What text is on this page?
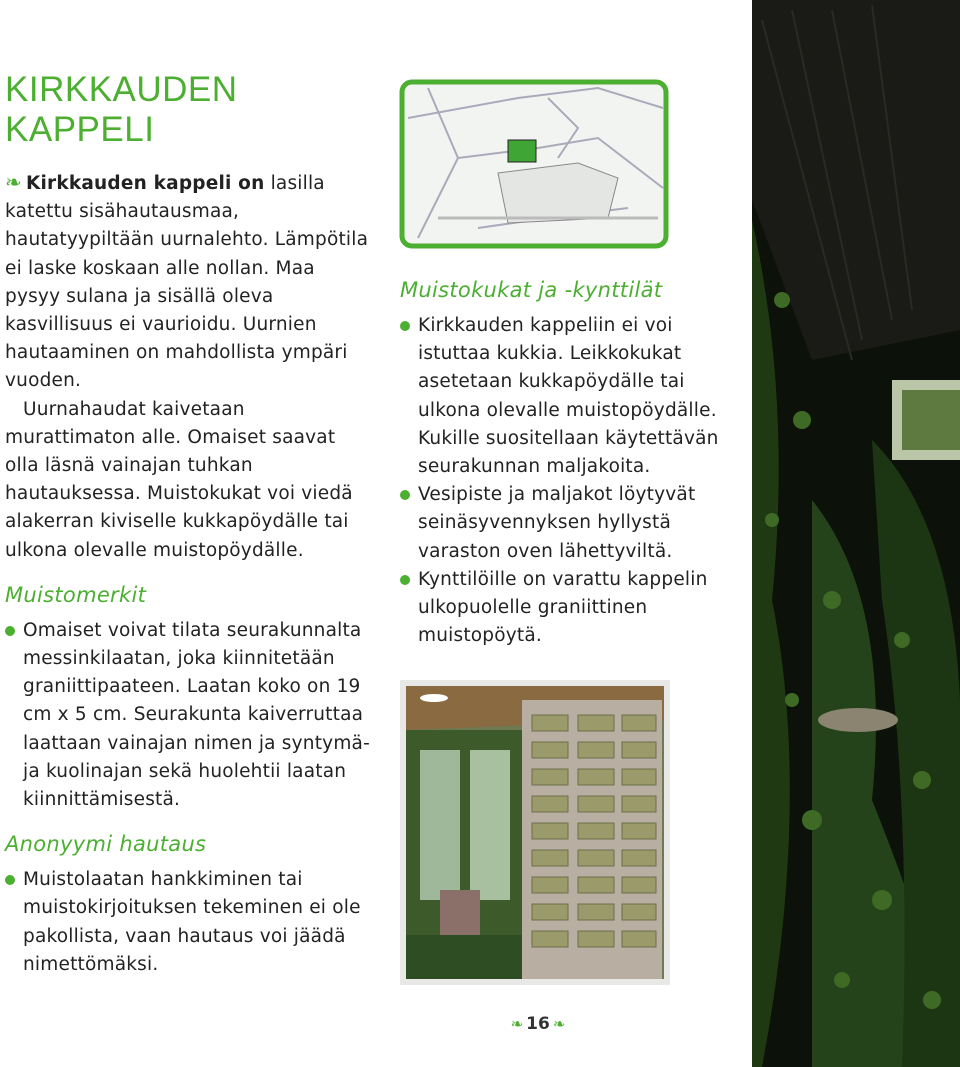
KIRKKAUDEN KAPPELI

❧ Kirkkauden kappeli on lasilla katettu sisähautausmaa, hautatyypiltään uurnalehto. Lämpötila ei laske koskaan alle nollan. Maa pysyy sulana ja sisällä oleva kasvillisuus ei vaurioidu. Uurnien hautaaminen on mahdollista ympäri vuoden.

Uurnahaudat kaivetaan murattimaton alle. Omaiset saavat olla läsnä vainajan tuhkan hautauksessa. Muistokukat voi viedä alakerran kiviselle kukkapöydälle tai ulkona olevalle muistopöydälle.

Muistomerkit
Omaiset voivat tilata seurakunnalta messinkilaatan, joka kiinnitetään graniittipaateen. Laatan koko on 19 cm x 5 cm. Seurakunta kaiverruttaa laattaan vainajan nimen ja syntymä- ja kuolinajan sekä huolehtii laatan kiinnittämisestä.
Anonyymi hautaus
Muistolaatan hankkiminen tai muistokirjoituksen tekeminen ei ole pakollista, vaan hautaus voi jäädä nimettömäksi.
Muistokukat ja -kynttilät
Kirkkauden kappeliin ei voi istuttaa kukkia. Leikkokukat asetetaan kukkapöydälle tai ulkona olevalle muistopöydälle. Kukille suositellaan käytettävän seurakunnan maljakoita.
Vesipiste ja maljakot löytyvät seinäsyvennyksen hyllystä varaston oven lähettyviltä.
Kynttilöille on varattu kappelin ulkopuolelle graniittinen muistopöytä.
❧ 16 ❧
